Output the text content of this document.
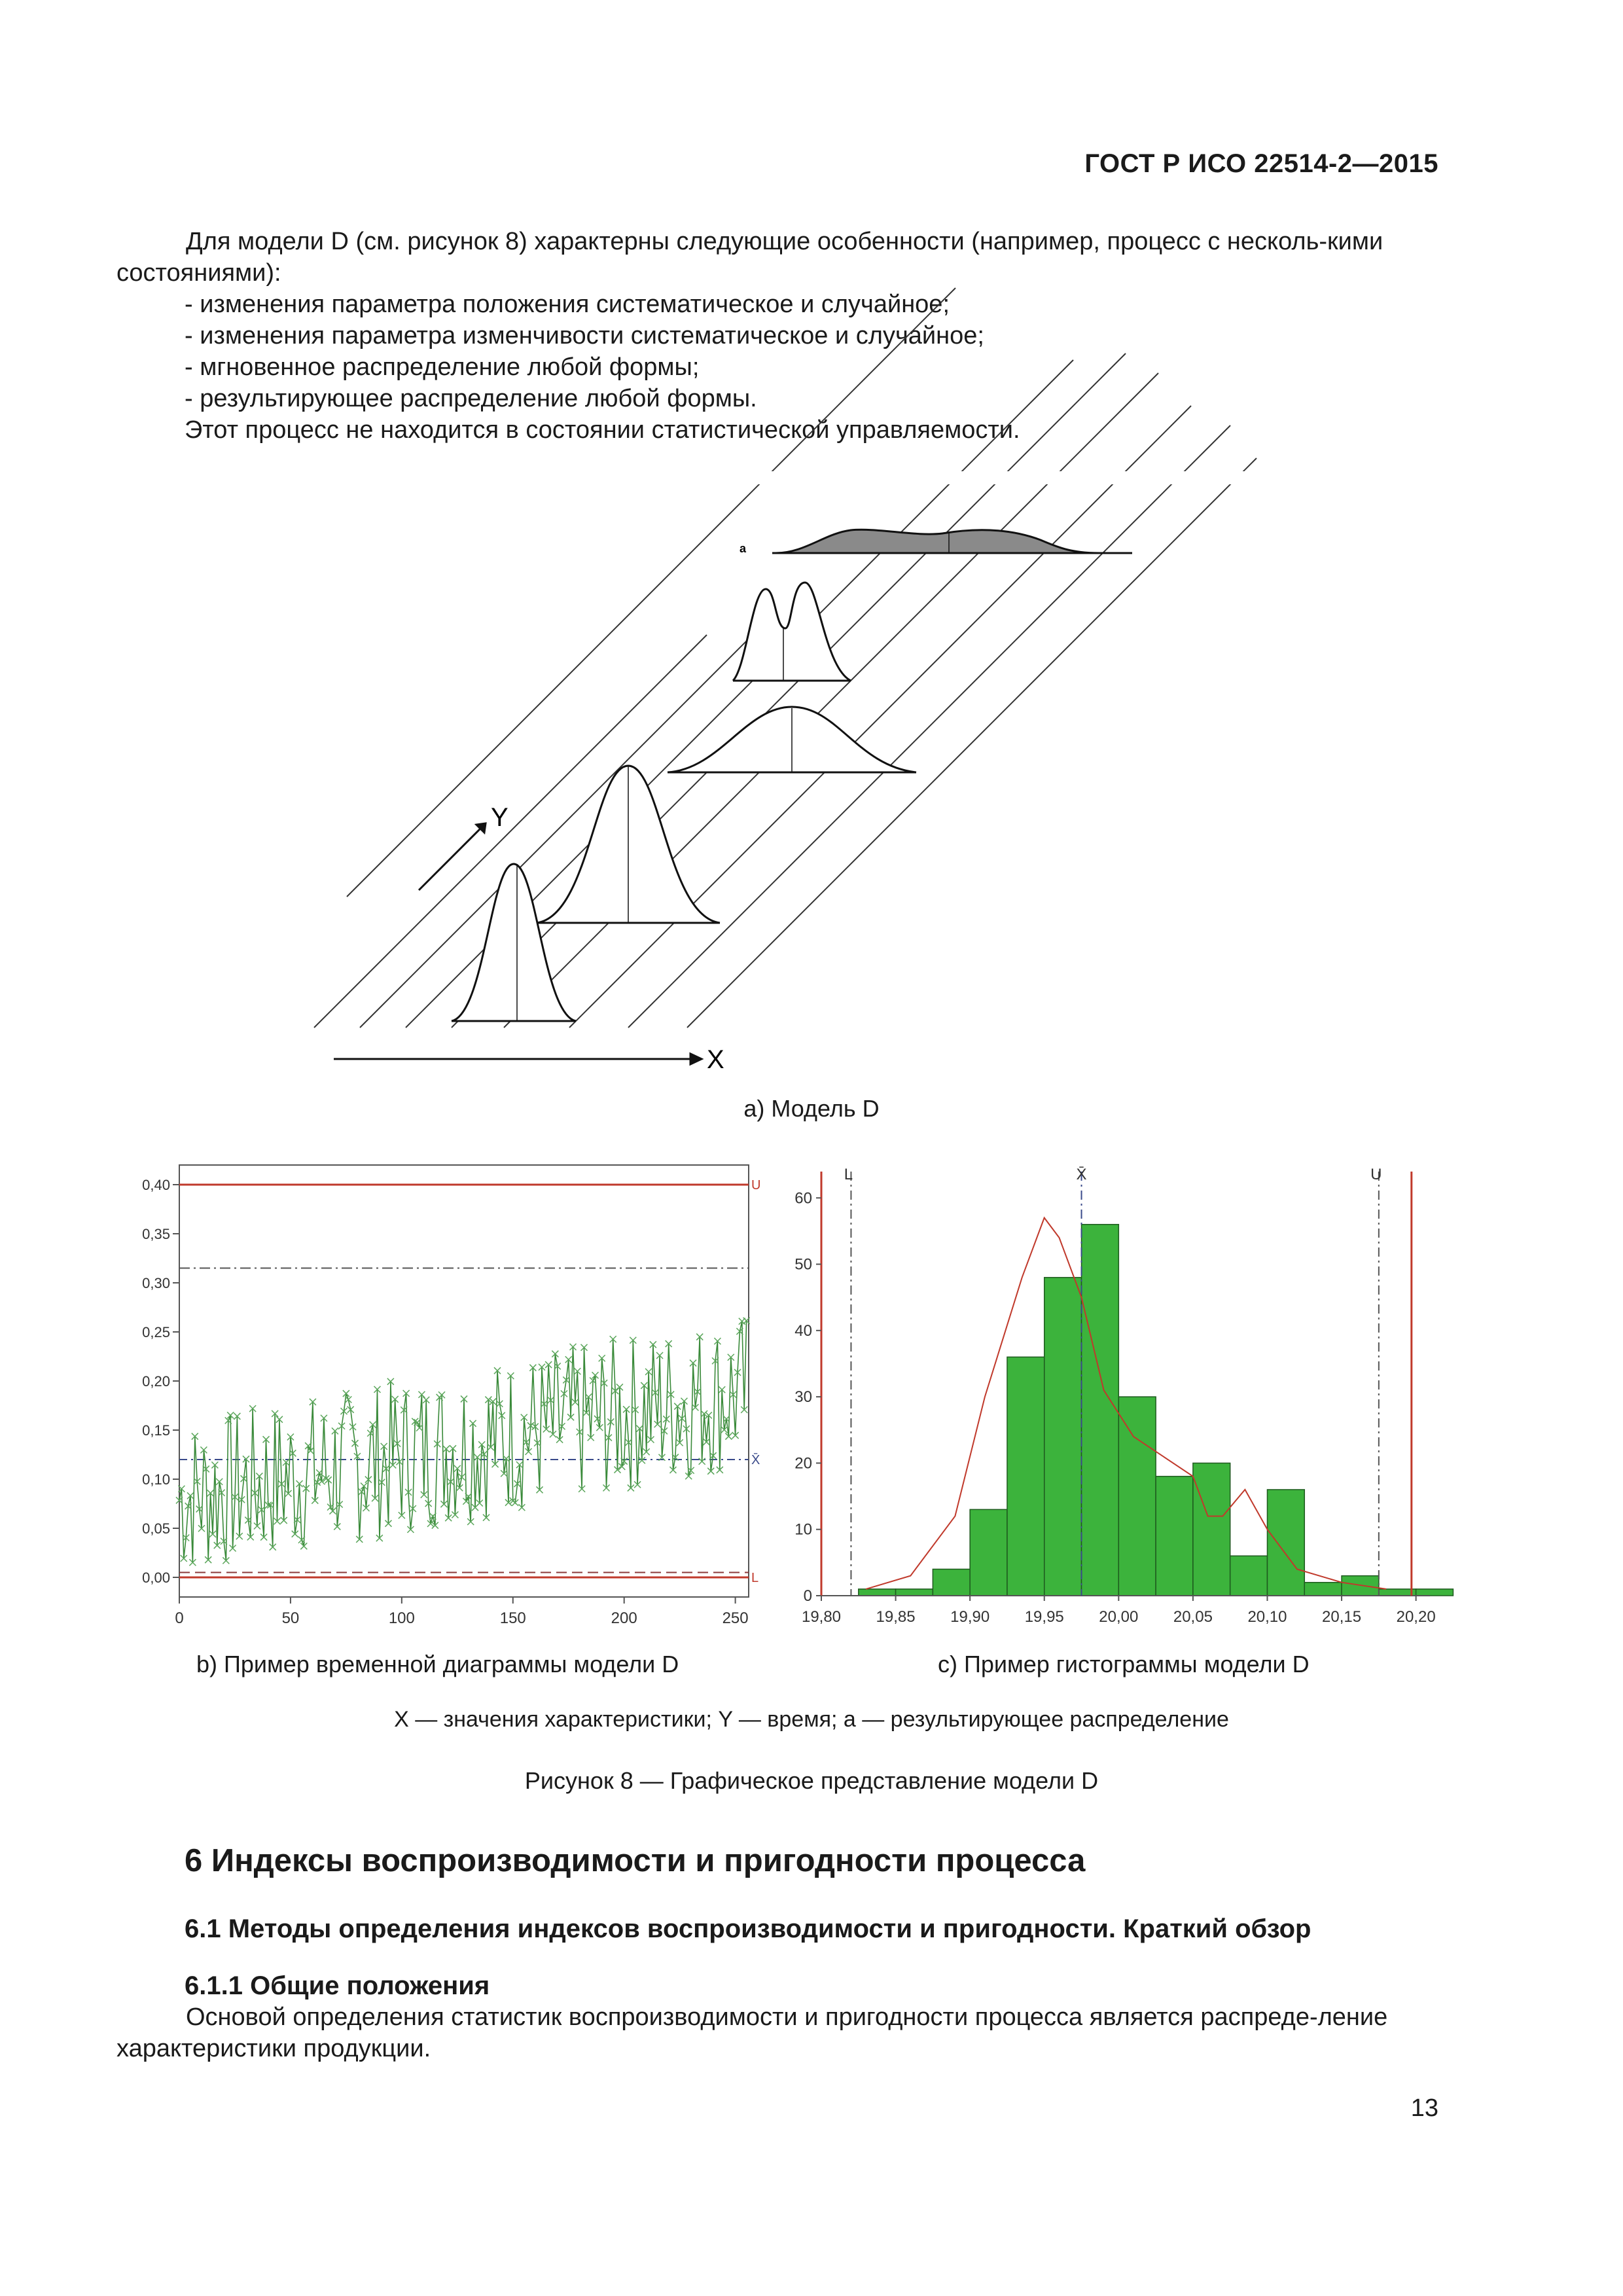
ГОСТ Р ИСО 22514-2—2015
Для модели D (см. рисунок 8) характерны следующие особенности (например, процесс с несколь-кими состояниями):
- изменения параметра положения систематическое и случайное;
- изменения параметра изменчивости систематическое и случайное;
- мгновенное распределение любой формы;
- результирующее распределение любой формы.
Этот процесс не находится в состоянии статистической управляемости.
a
X
Y
а) Модель D
U
L
X̄
0,00
0,05
0,10
0,15
0,20
0,25
0,30
0,35
0,40
0	50	100	150	200	250
L	X̄	U
0
10
20
30
40
50
60
19,80 19,85 19,90 19,95 20,00 20,05 20,10 20,15 20,20
b) Пример временной диаграммы модели D	с) Пример гистограммы модели D
X — значения характеристики; Y — время; a — результирующее распределение
Рисунок 8 — Графическое представление модели D
6 Индексы воспроизводимости и пригодности процесса
6.1 Методы определения индексов воспроизводимости и пригодности. Краткий обзор
6.1.1 Общие положения
Основой определения статистик воспроизводимости и пригодности процесса является распреде-ление характеристики продукции.
13
